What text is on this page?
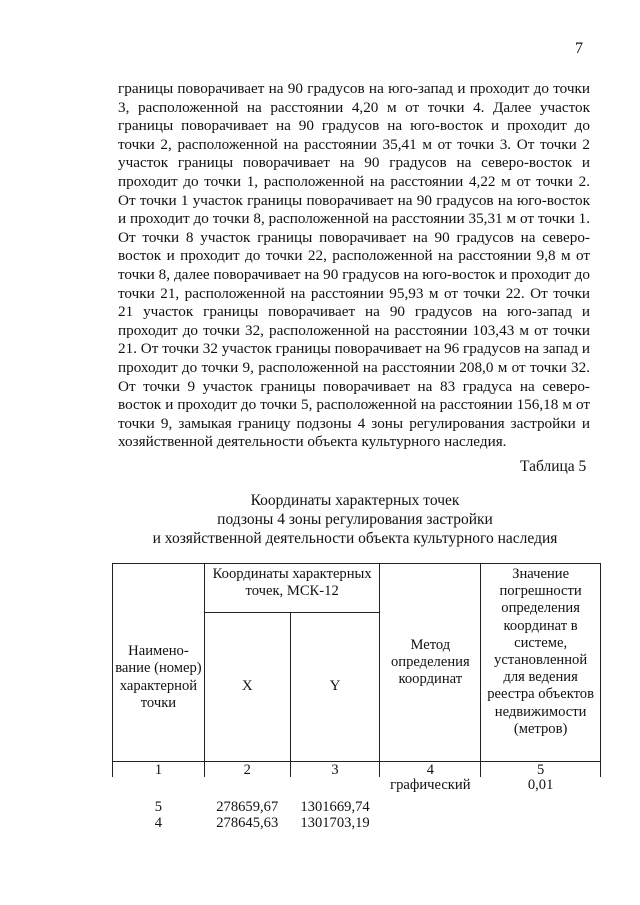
7

границы поворачивает на 90 градусов на юго-запад и проходит до точки 3, расположенной на расстоянии 4,20 м от точки 4. Далее участок границы поворачивает на 90 градусов на юго-восток и проходит до точки 2, расположенной на расстоянии 35,41 м от точки 3. От точки 2 участок границы поворачивает на 90 градусов на северо-восток и проходит до точки 1, расположенной на расстоянии 4,22 м от точки 2. От точки 1 участок границы поворачивает на 90 градусов на юго-восток и проходит до точки 8, расположенной на расстоянии 35,31 м от точки 1. От точки 8 участок границы поворачивает на 90 градусов на северо-восток и проходит до точки 22, расположенной на расстоянии 9,8 м от точки 8, далее поворачивает на 90 градусов на юго-восток и проходит до точки 21, расположенной на расстоянии 95,93 м от точки 22. От точки 21 участок границы поворачивает на 90 градусов на юго-запад и проходит до точки 32, расположенной на расстоянии 103,43 м от точки 21. От точки 32 участок границы поворачивает на 96 градусов на запад и проходит до точки 9, расположенной на расстоянии 208,0 м от точки 32. От точки 9 участок границы поворачивает на 83 градуса на северо-восток и проходит до точки 5, расположенной на расстоянии 156,18 м от точки 9, замыкая границу подзоны 4 зоны регулирования застройки и хозяйственной деятельности объекта культурного наследия.

Таблица 5
Координаты характерных точек
подзоны 4 зоны регулирования застройки
и хозяйственной деятельности объекта культурного наследия
Наимено-вание (номер) характерной точки	Координаты характерных точек, МСК-12		Метод определения координат	Значение погрешности определения координат в системе, установленной для ведения реестра объектов недвижимости (метров)
	X	Y		
1	2	3	4	5
5	278659,67	1301669,74	графический	0,01
4	278645,63	1301703,19		
